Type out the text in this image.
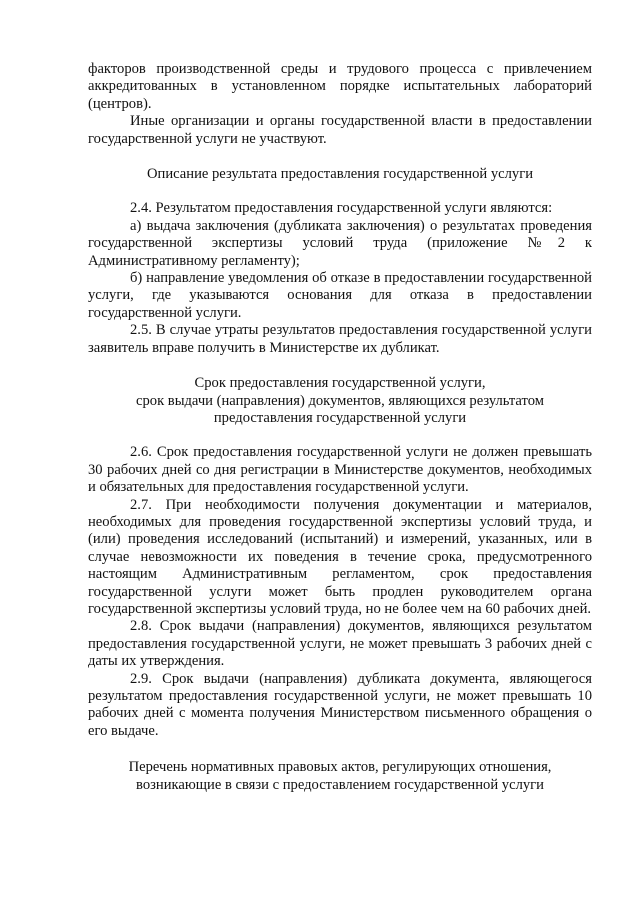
факторов производственной среды и трудового процесса с привлечением аккредитованных в установленном порядке испытательных лабораторий (центров).

Иные организации и органы государственной власти в предоставлении государственной услуги не участвуют.

Описание результата предоставления государственной услуги

2.4. Результатом предоставления государственной услуги являются:

а) выдача заключения (дубликата заключения) о результатах проведения государственной экспертизы условий труда (приложение №2 к Административному регламенту);

б) направление уведомления об отказе в предоставлении государственной услуги, где указываются основания для отказа в предоставлении государственной услуги.

2.5. В случае утраты результатов предоставления государственной услуги заявитель вправе получить в Министерстве их дубликат.

Срок предоставления государственной услуги,
срок выдачи (направления) документов, являющихся результатом
предоставления государственной услуги

2.6. Срок предоставления государственной услуги не должен превышать 30 рабочих дней со дня регистрации в Министерстве документов, необходимых и обязательных для предоставления государственной услуги.

2.7. При необходимости получения документации и материалов, необходимых для проведения государственной экспертизы условий труда, и (или) проведения исследований (испытаний) и измерений, указанных, или в случае невозможности их поведения в течение срока, предусмотренного настоящим Административным регламентом, срок предоставления государственной услуги может быть продлен руководителем органа государственной экспертизы условий труда, но не более чем на 60 рабочих дней.

2.8. Срок выдачи (направления) документов, являющихся результатом предоставления государственной услуги, не может превышать 3 рабочих дней с даты их утверждения.

2.9. Срок выдачи (направления) дубликата документа, являющегося результатом предоставления государственной услуги, не может превышать 10 рабочих дней с момента получения Министерством письменного обращения о его выдаче.

Перечень нормативных правовых актов, регулирующих отношения,
возникающие в связи с предоставлением государственной услуги
